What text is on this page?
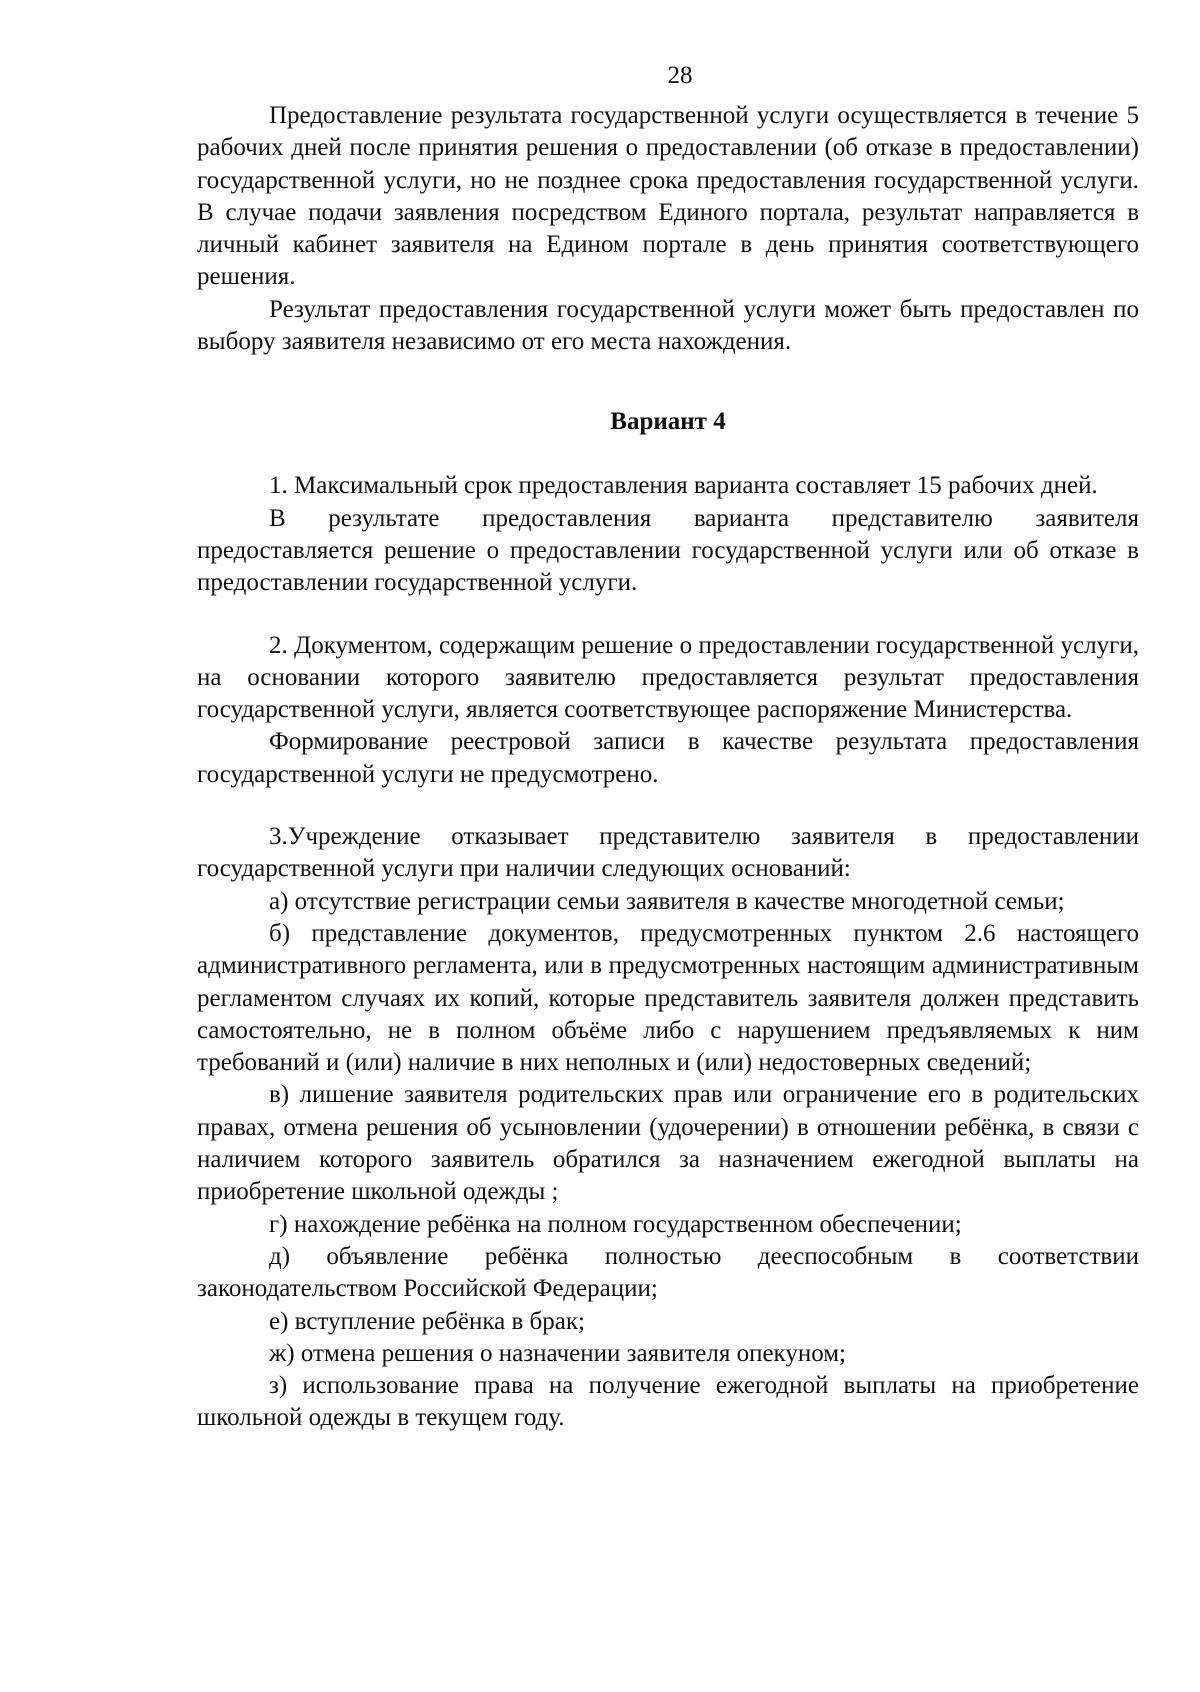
28

Предоставление результата государственной услуги осуществляется в течение 5 рабочих дней после принятия решения о предоставлении (об отказе в предоставлении) государственной услуги, но не позднее срока предоставления государственной услуги. В случае подачи заявления посредством Единого портала, результат направляется в личный кабинет заявителя на Едином портале в день принятия соответствующего решения.

Результат предоставления государственной услуги может быть предоставлен по выбору заявителя независимо от его места нахождения.

Вариант 4

1. Максимальный срок предоставления варианта составляет 15 рабочих дней.

В результате предоставления варианта представителю заявителя предоставляется решение о предоставлении государственной услуги или об отказе в предоставлении государственной услуги.

2. Документом, содержащим решение о предоставлении государственной услуги, на основании которого заявителю предоставляется результат предоставления государственной услуги, является соответствующее распоряжение Министерства.

Формирование реестровой записи в качестве результата предоставления государственной услуги не предусмотрено.

3.Учреждение отказывает представителю заявителя в предоставлении государственной услуги при наличии следующих оснований:

а) отсутствие регистрации семьи заявителя в качестве многодетной семьи;

б) представление документов, предусмотренных пунктом 2.6 настоящего административного регламента, или в предусмотренных настоящим административным регламентом случаях их копий, которые представитель заявителя должен представить самостоятельно, не в полном объёме либо с нарушением предъявляемых к ним требований и (или) наличие в них неполных и (или) недостоверных сведений;

в) лишение заявителя родительских прав или ограничение его в родительских правах, отмена решения об усыновлении (удочерении) в отношении ребёнка, в связи с наличием которого заявитель обратился за назначением ежегодной выплаты на приобретение школьной одежды ;

г) нахождение ребёнка на полном государственном обеспечении;

д) объявление ребёнка полностью дееспособным в соответствии законодательством Российской Федерации;

е) вступление ребёнка в брак;

ж) отмена решения о назначении заявителя опекуном;

з) использование права на получение ежегодной выплаты на приобретение школьной одежды в текущем году.
